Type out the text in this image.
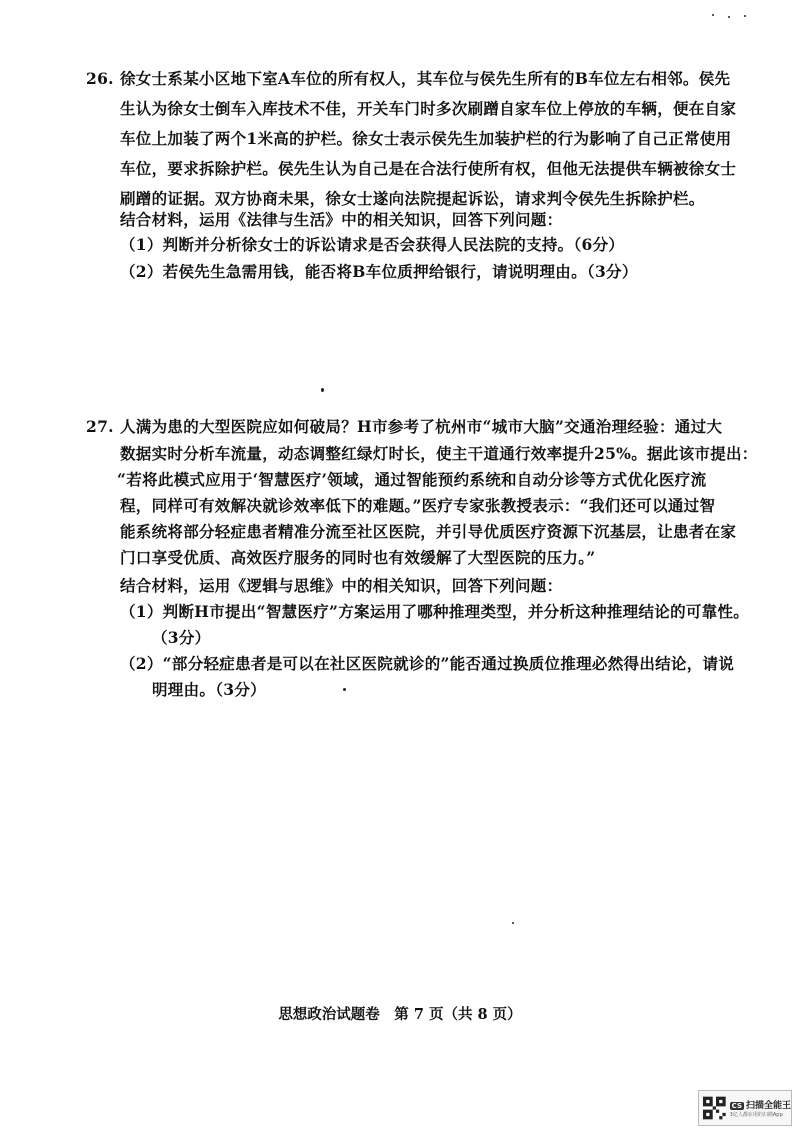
26. 徐女士系某小区地下室A车位的所有权人，其车位与侯先生所有的B车位左右相邻。侯先
生认为徐女士倒车入库技术不佳，开关车门时多次刷蹭自家车位上停放的车辆，便在自家
车位上加装了两个1米高的护栏。徐女士表示侯先生加装护栏的行为影响了自己正常使用
车位，要求拆除护栏。侯先生认为自己是在合法行使所有权，但他无法提供车辆被徐女士
刷蹭的证据。双方协商未果，徐女士遂向法院提起诉讼，请求判令侯先生拆除护栏。
结合材料，运用《法律与生活》中的相关知识，回答下列问题：
（1）判断并分析徐女士的诉讼请求是否会获得人民法院的支持。（6分）
（2）若侯先生急需用钱，能否将B车位质押给银行，请说明理由。（3分）
27. 人满为患的大型医院应如何破局？H市参考了杭州市“城市大脑”交通治理经验：通过大
数据实时分析车流量，动态调整红绿灯时长，使主干道通行效率提升25%。据此该市提出：
“若将此模式应用于‘智慧医疗’领域，通过智能预约系统和自动分诊等方式优化医疗流
程，同样可有效解决就诊效率低下的难题。”医疗专家张教授表示：“我们还可以通过智
能系统将部分轻症患者精准分流至社区医院，并引导优质医疗资源下沉基层，让患者在家
门口享受优质、高效医疗服务的同时也有效缓解了大型医院的压力。”
结合材料，运用《逻辑与思维》中的相关知识，回答下列问题：
（1）判断H市提出“智慧医疗”方案运用了哪种推理类型，并分析这种推理结论的可靠性。
（3分）
（2）“部分轻症患者是可以在社区医院就诊的”能否通过换质位推理必然得出结论，请说
明理由。（3分）
思想政治试题卷　第 7 页（共 8 页）
CS 扫描全能王
3亿人都在用的扫描App
